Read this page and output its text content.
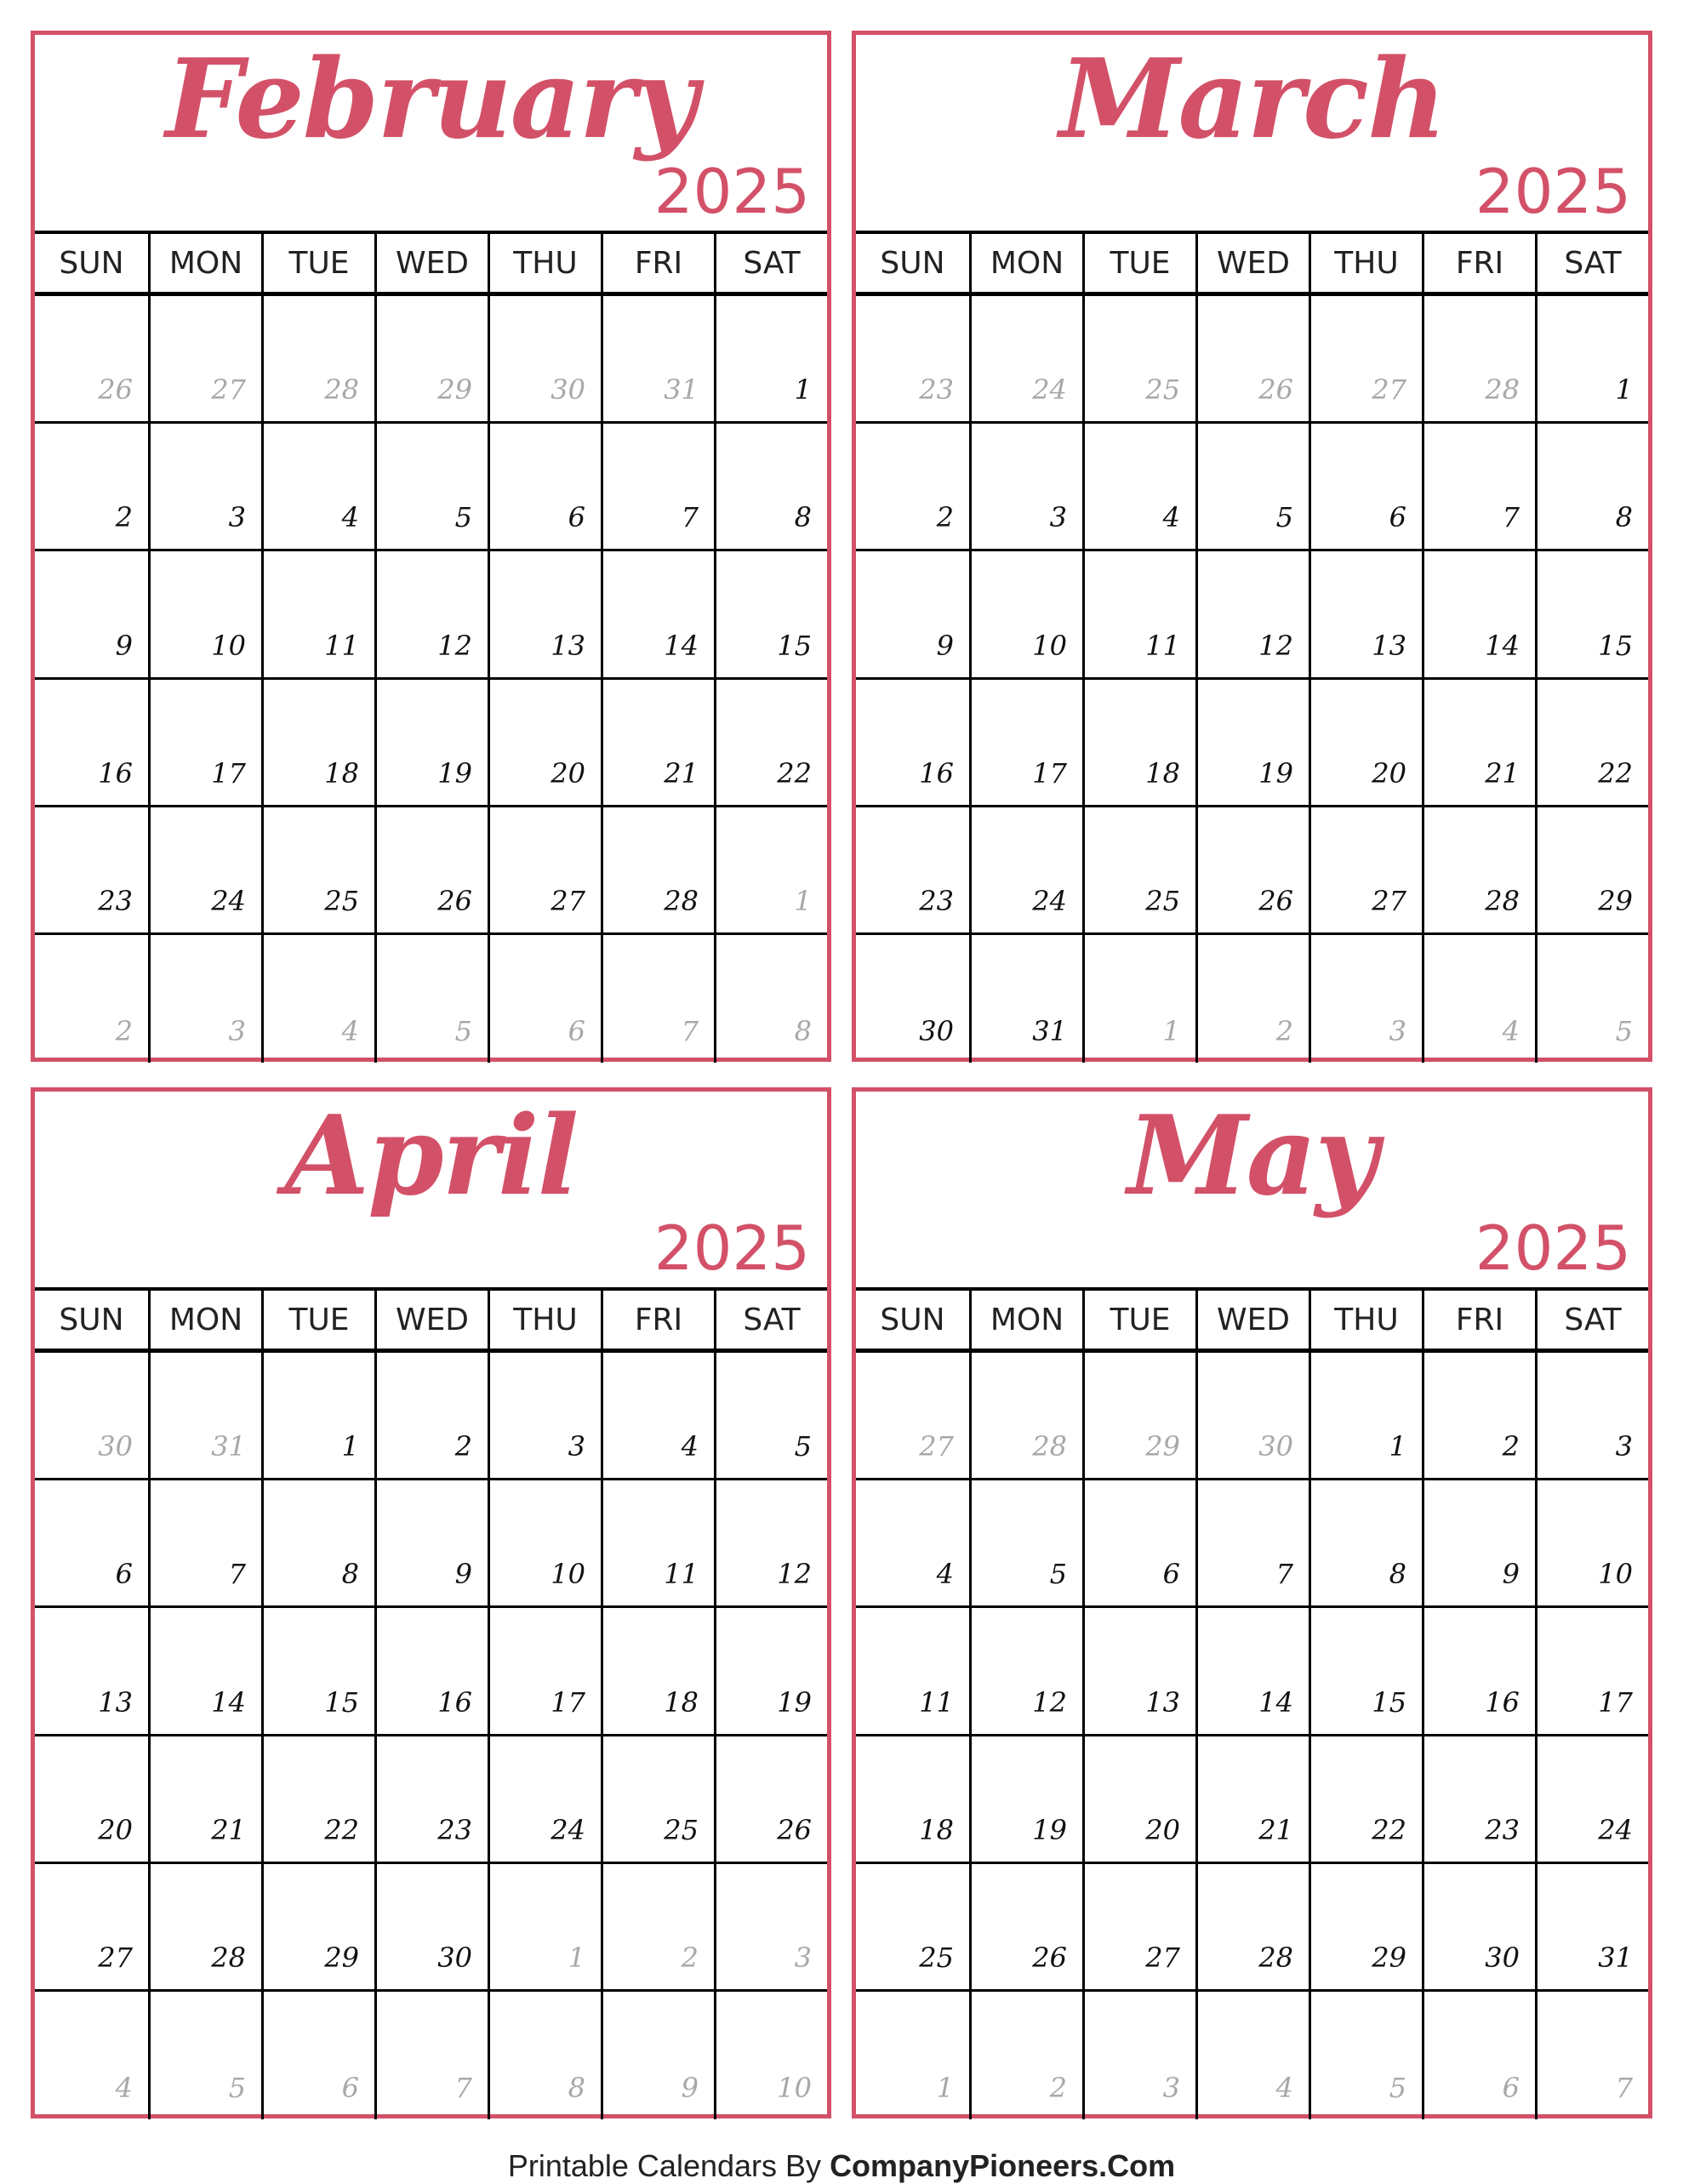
February
2025
SUN	MON	TUE	WED	THU	FRI	SAT
26	27	28	29	30	31	1
2	3	4	5	6	7	8
9	10	11	12	13	14	15
16	17	18	19	20	21	22
23	24	25	26	27	28	1
2	3	4	5	6	7	8
March
2025
SUN	MON	TUE	WED	THU	FRI	SAT
23	24	25	26	27	28	1
2	3	4	5	6	7	8
9	10	11	12	13	14	15
16	17	18	19	20	21	22
23	24	25	26	27	28	29
30	31	1	2	3	4	5
April
2025
SUN	MON	TUE	WED	THU	FRI	SAT
30	31	1	2	3	4	5
6	7	8	9	10	11	12
13	14	15	16	17	18	19
20	21	22	23	24	25	26
27	28	29	30	1	2	3
4	5	6	7	8	9	10
May
2025
SUN	MON	TUE	WED	THU	FRI	SAT
27	28	29	30	1	2	3
4	5	6	7	8	9	10
11	12	13	14	15	16	17
18	19	20	21	22	23	24
25	26	27	28	29	30	31
1	2	3	4	5	6	7
Printable Calendars By CompanyPioneers.Com
